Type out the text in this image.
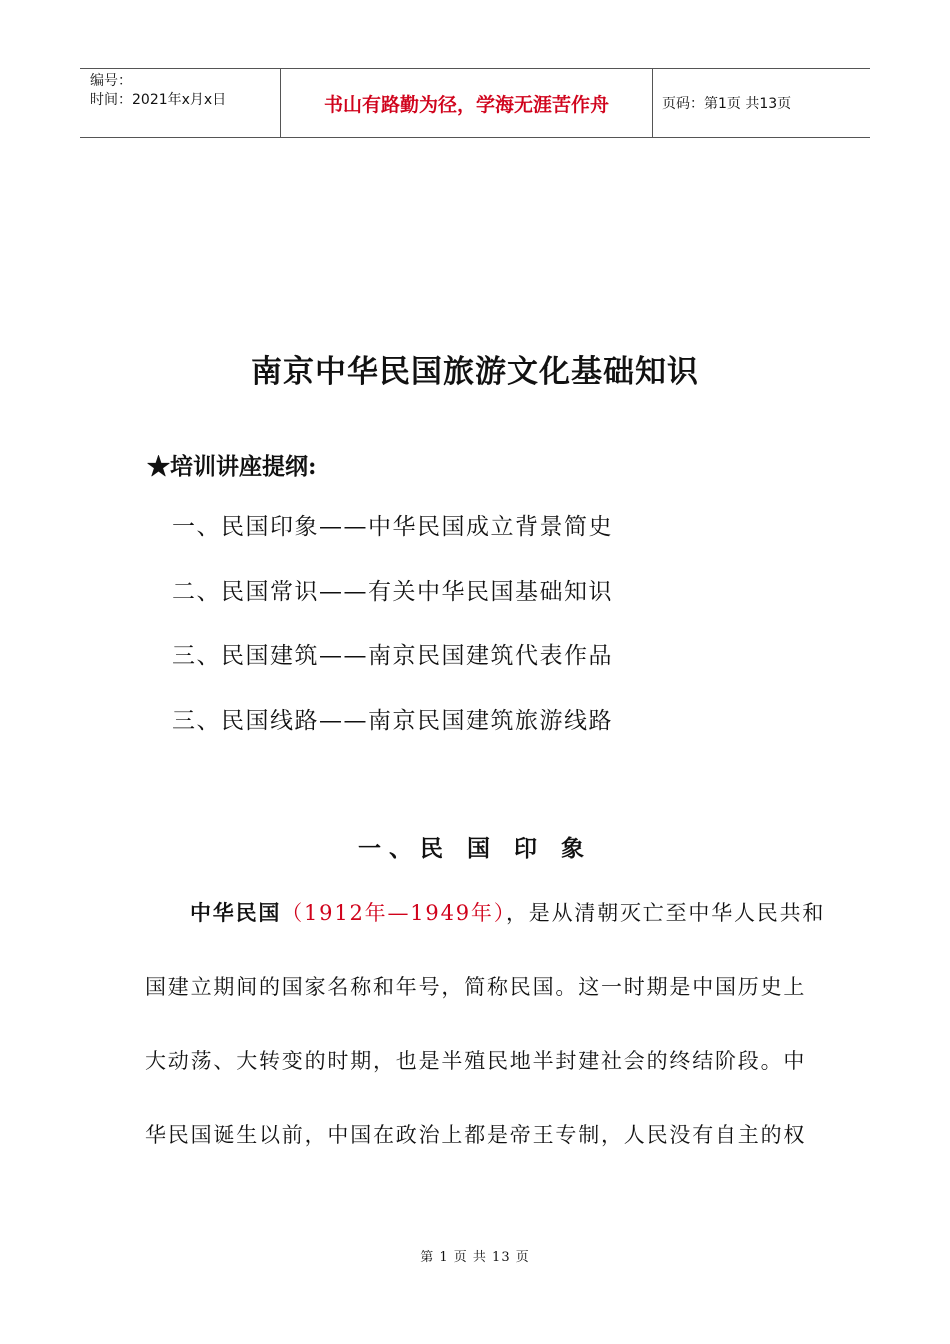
编号：
时间：2021年x月x日	书山有路勤为径，学海无涯苦作舟	页码：第1页 共13页
南京中华民国旅游文化基础知识
★培训讲座提纲:
一、民国印象——中华民国成立背景简史
二、民国常识——有关中华民国基础知识
三、民国建筑——南京民国建筑代表作品
三、民国线路——南京民国建筑旅游线路
一、民 国 印 象
中华民国（1912年—1949年），是从清朝灭亡至中华人民共和
国建立期间的国家名称和年号，简称民国。这一时期是中国历史上
大动荡、大转变的时期，也是半殖民地半封建社会的终结阶段。中
华民国诞生以前，中国在政治上都是帝王专制，人民没有自主的权
第 1 页 共 13 页
